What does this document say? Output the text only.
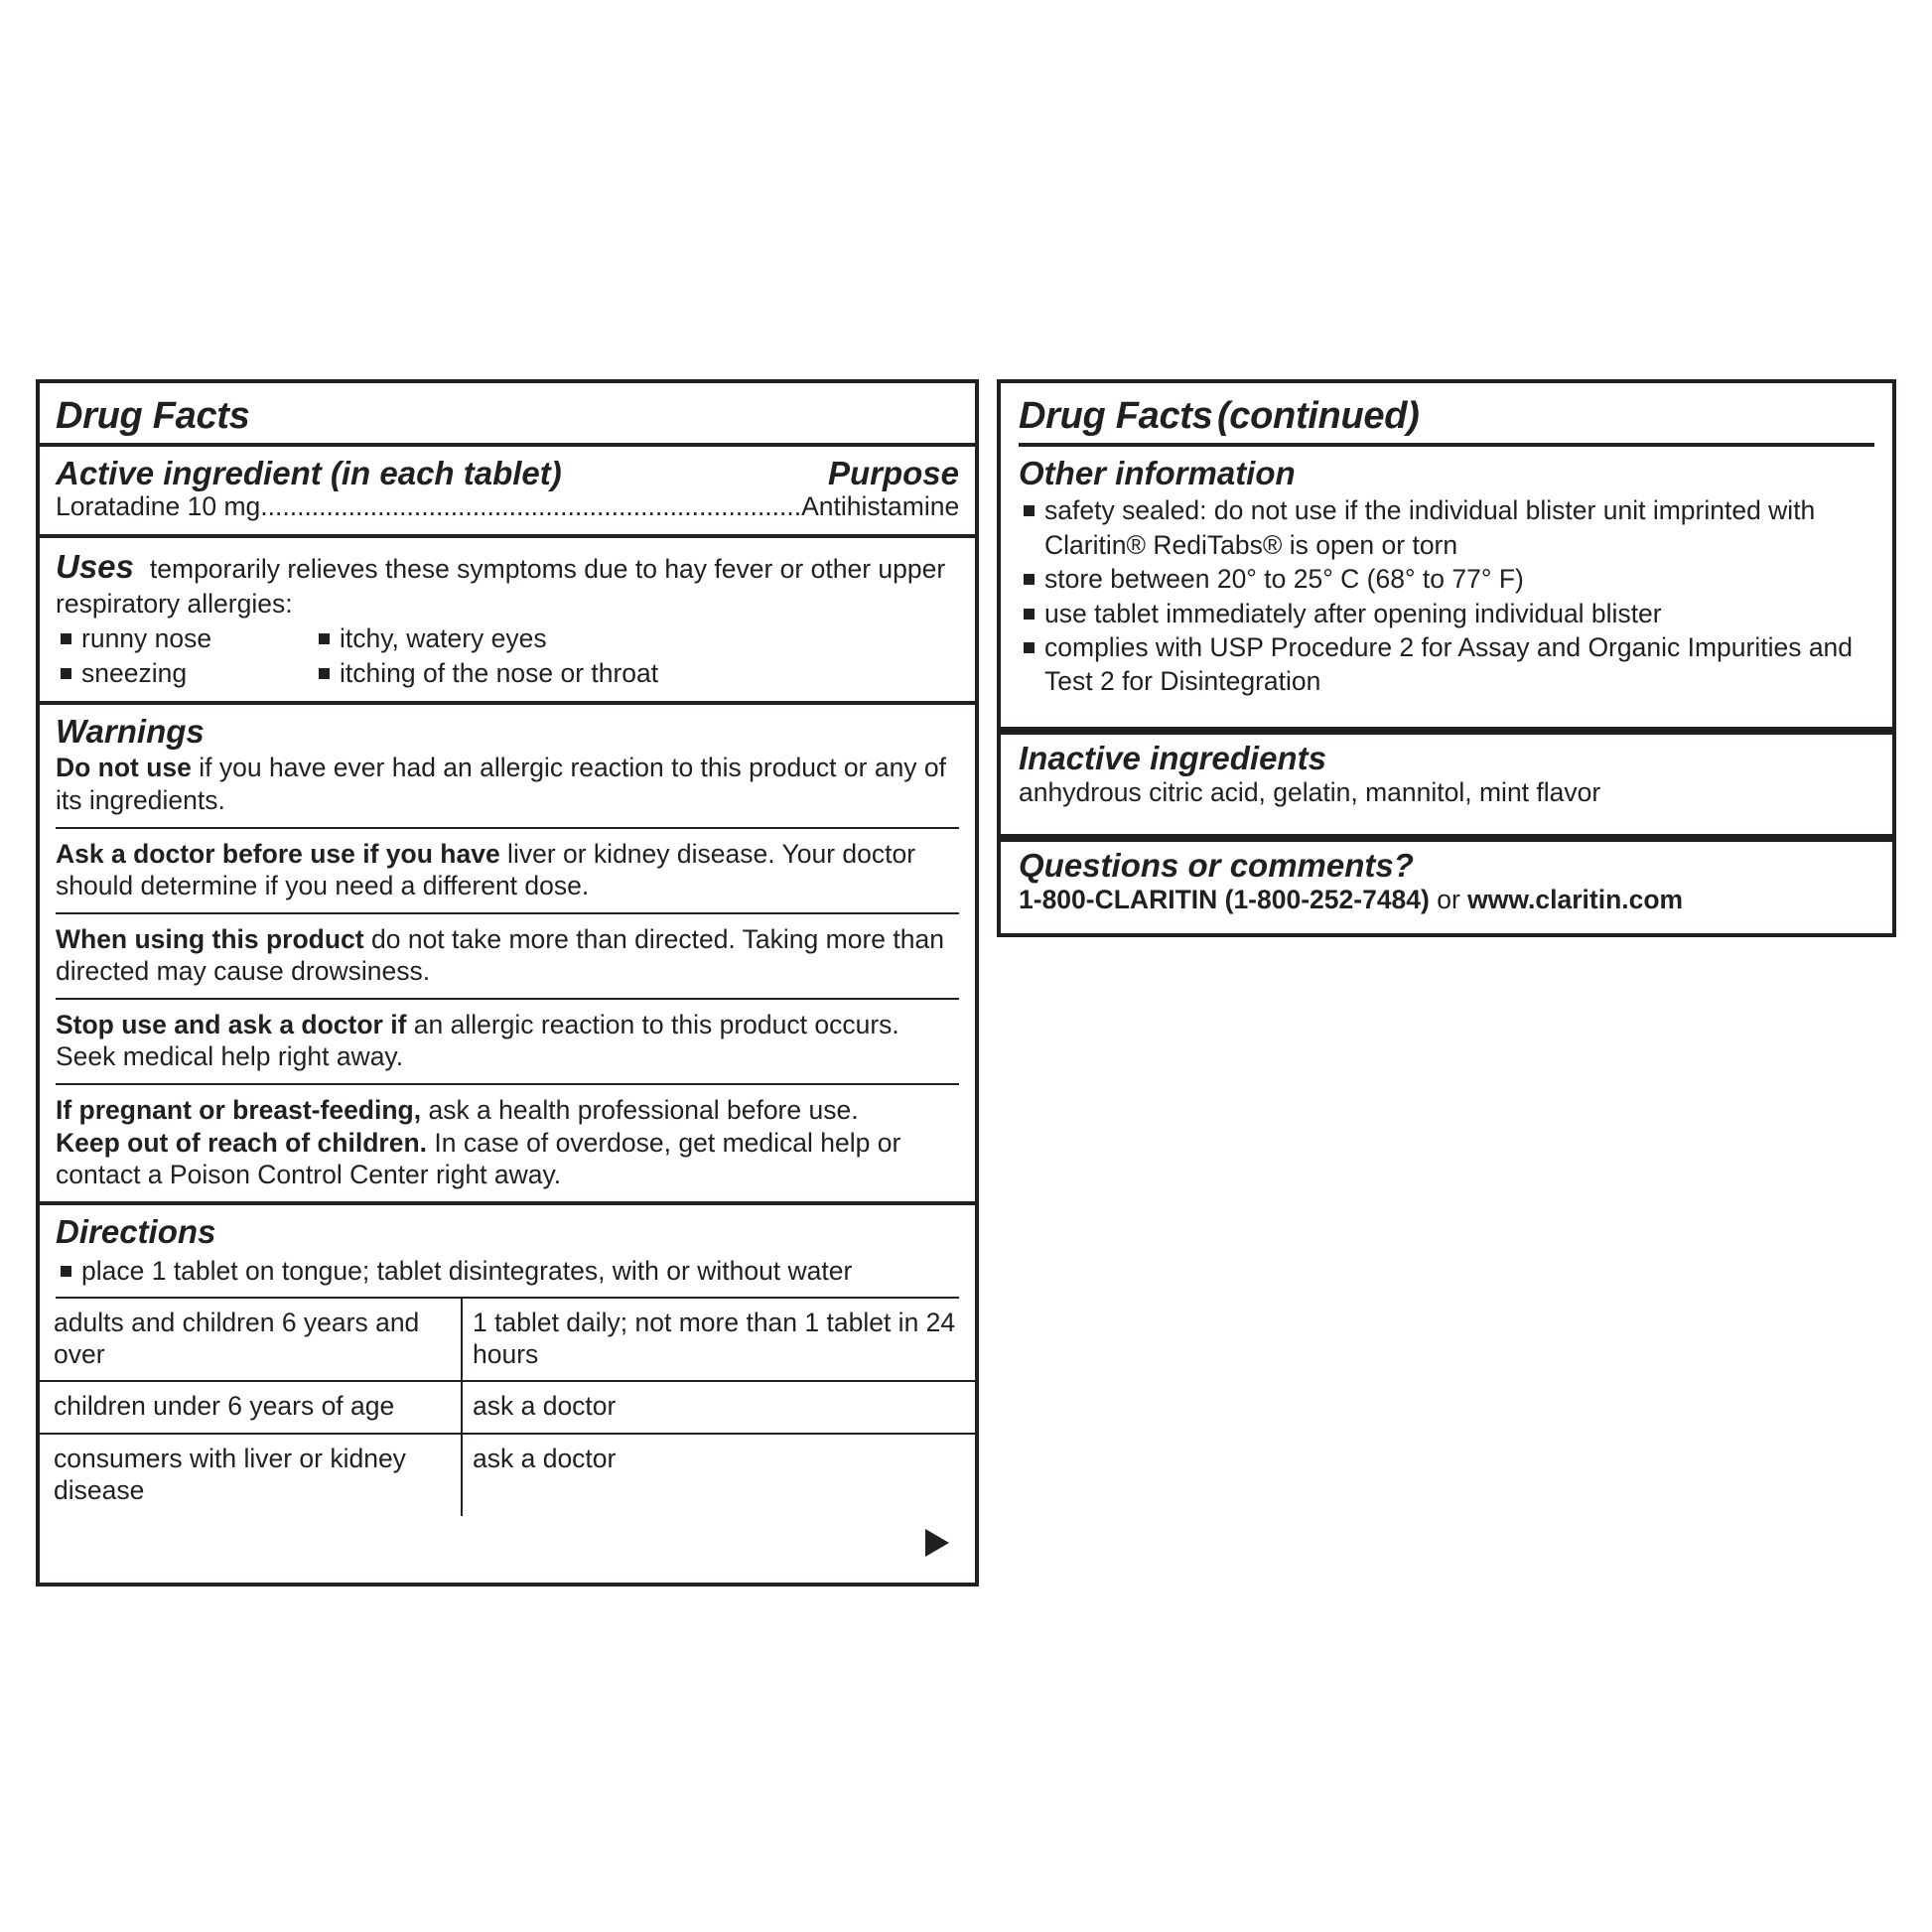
Drug Facts
Active ingredient (in each tablet)	Purpose
Loratadine 10 mg..........................................................................Antihistamine
Uses temporarily relieves these symptoms due to hay fever or other upper respiratory allergies:
runny nose
sneezing
itchy, watery eyes
itching of the nose or throat
Warnings
Do not use if you have ever had an allergic reaction to this product or any of its ingredients.
Ask a doctor before use if you have liver or kidney disease. Your doctor should determine if you need a different dose.
When using this product do not take more than directed. Taking more than directed may cause drowsiness.
Stop use and ask a doctor if an allergic reaction to this product occurs. Seek medical help right away.
If pregnant or breast-feeding, ask a health professional before use.
Keep out of reach of children. In case of overdose, get medical help or contact a Poison Control Center right away.
Directions
place 1 tablet on tongue; tablet disintegrates, with or without water
adults and children 6 years and over	1 tablet daily; not more than 1 tablet in 24 hours
children under 6 years of age	ask a doctor
consumers with liver or kidney disease	ask a doctor
Drug Facts (continued)
Other information
safety sealed: do not use if the individual blister unit imprinted with Claritin® RediTabs® is open or torn
store between 20° to 25° C (68° to 77° F)
use tablet immediately after opening individual blister
complies with USP Procedure 2 for Assay and Organic Impurities and Test 2 for Disintegration
Inactive ingredients
anhydrous citric acid, gelatin, mannitol, mint flavor
Questions or comments?
1-800-CLARITIN (1-800-252-7484) or www.claritin.com
